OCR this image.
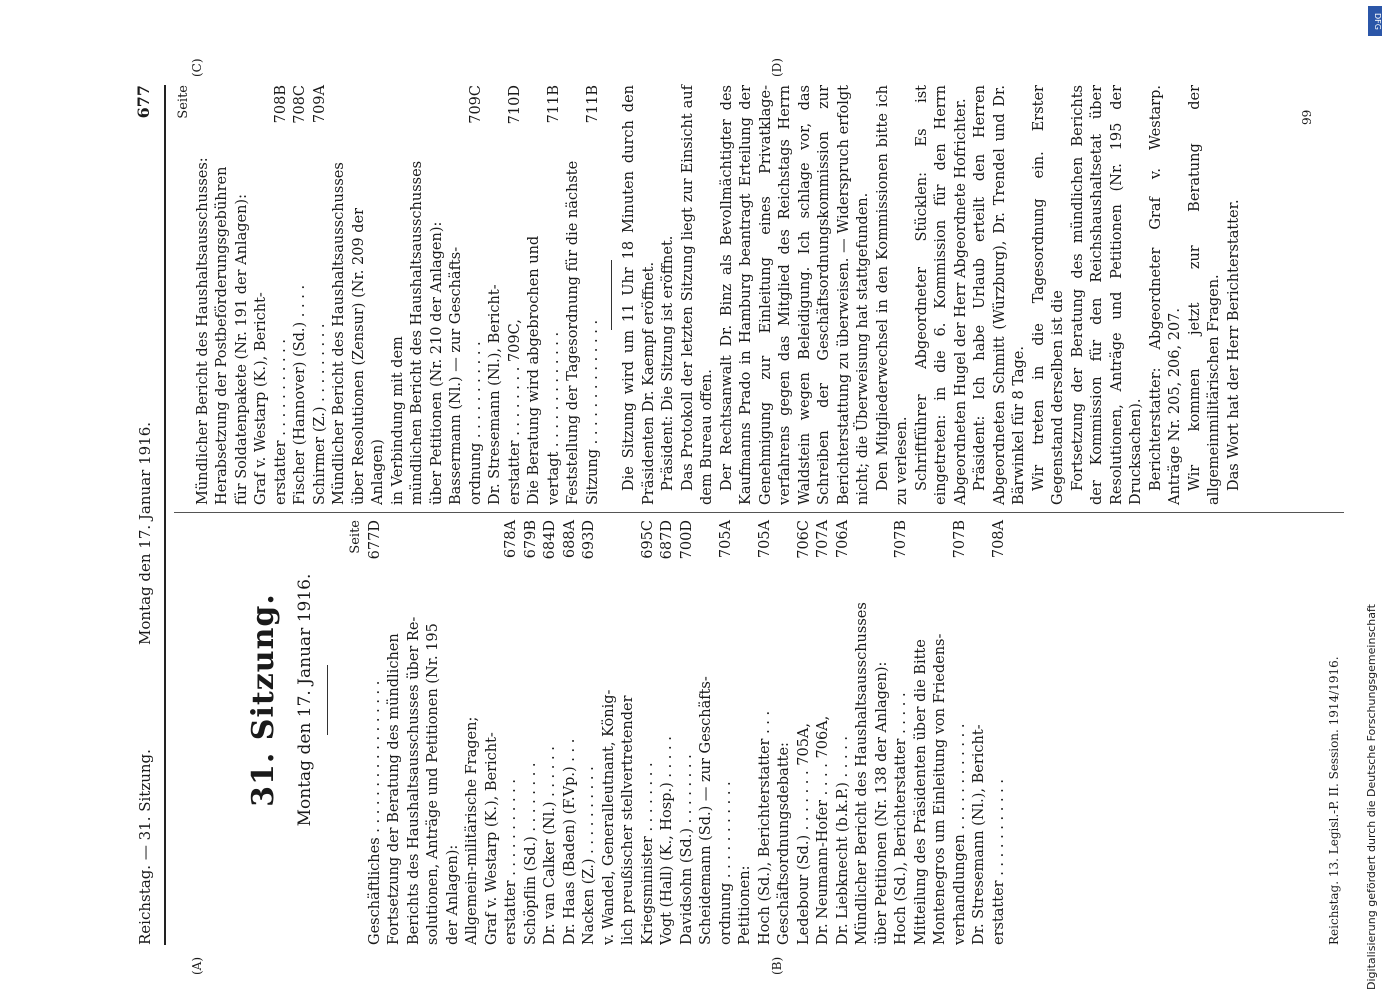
Reichstag. — 31. Sitzung.
Montag den 17. Januar 1916.
677
31. Sitzung. Montag den 17. Januar 1916.
Seite
Geschäftliches . . . . . . . . . . . . . . . . .
677D
Fortsetzung der Beratung des mündlichen Berichts des Haushaltsausschusses über Re- solutionen, Anträge und Petitionen (Nr. 195 der Anlagen): Allgemein-militärische Fragen; Graf v. Westarp (K.), Bericht- erstatter . . . . . . . . . . .
678A
Schöpflin (Sd.) . . . . . . . .
679B
Dr. van Calker (Nl.) . . . . . .
684D
Dr. Haas (Baden) (F.Vp.) . . .
688A
Nacken (Z.) . . . . . . . . . .
693D
v. Wandel, Generalleutnant, König- lich preußischer stellvertretender Kriegsminister . . . . . . . .
695C
Vogt (Hall) (K., Hosp.) . . . . .
687D
Davidsohn (Sd.) . . . . . . . .
700D
Scheidemann (Sd.) — zur Geschäfts- ordnung . . . . . . . . . . .
705A
Petitionen: Hoch (Sd.), Berichterstatter . . .
705A
Geschäftsordnungsdebatte: Ledebour (Sd.) . . . . . . . 705A,
706C
Dr. Neumann-Hofer . . . . 706A,
707A
Dr. Liebknecht (b.k.P.) . . . . .
706A
Mündlicher Bericht des Haushaltsausschusses über Petitionen (Nr. 138 der Anlagen): Hoch (Sd.), Berichterstatter . . . . .
707B
Mitteilung des Präsidenten über die Bitte Montenegros um Einleitung von Friedens- verhandlungen . . . . . . . . . . . .
707B
Dr. Stresemann (Nl.), Bericht- erstatter . . . . . . . . . . .
708A
Reichstag. 13. Legisl.-P. II. Session. 1914/1916.
Seite
Mündlicher Bericht des Haushaltsausschusses: Herabsetzung der Postbeförderungsgebühren für Soldatenpakete (Nr. 191 der Anlagen): Graf v. Westarp (K.), Bericht- erstatter . . . . . . . . . . .
708B
Fischer (Hannover) (Sd.) . . . .
708C
Schirmer (Z.) . . . . . . . . .
709A
Mündlicher Bericht des Haushaltsausschusses über Resolutionen (Zensur) (Nr. 209 der Anlagen) in Verbindung mit dem mündlichen Bericht des Haushaltsausschusses über Petitionen (Nr. 210 der Anlagen): Bassermann (Nl.) — zur Geschäfts- ordnung . . . . . . . . . . .
709C
Dr. Stresemann (Nl.), Bericht- erstatter . . . . . . . . 709C,
710D
Die Beratung wird abgebrochen und vertagt . . . . . . . . . . . . .
711B
Feststellung der Tagesordnung für die nächste Sitzung . . . . . . . . . . . . . .
711B Die Sitzung wird um 11 Uhr 18 Minuten durch den Präsidenten Dr. Kaempf eröffnet. Präsident: Die Sitzung ist eröffnet. Das Protokoll der letzten Sitzung liegt zur Einsicht auf dem Bureau offen. Der Rechtsanwalt Dr. Binz als Bevollmächtigter des Kaufmanns Prado in Hamburg beantragt Erteilung der Genehmigung zur Einleitung eines Privatklage-verfahrens gegen das Mitglied des Reichstags Herrn Waldstein wegen Beleidigung. Ich schlage vor, das Schreiben der Geschäftsordnungskommission zur Berichterstattung zu überweisen. — Widerspruch erfolgt nicht; die Überweisung hat stattgefunden. Den Mitgliederwechsel in den Kommissionen bitte ich zu verlesen. Schriftführer Abgeordneter Stücklen: Es ist eingetreten: in die 6. Kommission für den Herrn Abgeordneten Hugel der Herr Abgeordnete Hofrichter. Präsident: Ich habe Urlaub erteilt den Herren Abgeordneten Schmitt (Würzburg), Dr. Trendel und Dr. Bärwinkel für 8 Tage. Wir treten in die Tagesordnung ein. Erster Gegenstand derselben ist die Fortsetzung der Beratung des mündlichen Berichts der Kommission für den Reichshaushaltsetat über Resolutionen, Anträge und Petitionen (Nr. 195 der Drucksachen). Berichterstatter: Abgeordneter Graf v. Westarp. Anträge Nr. 205, 206, 207. Wir kommen jetzt zur Beratung der allgemeinmilitärischen Fragen. Das Wort hat der Herr Berichterstatter.

(A)	(B)
(C)	(D)
99
DFG
Digitalisierung gefördert durch die Deutsche Forschungsgemeinschaft
